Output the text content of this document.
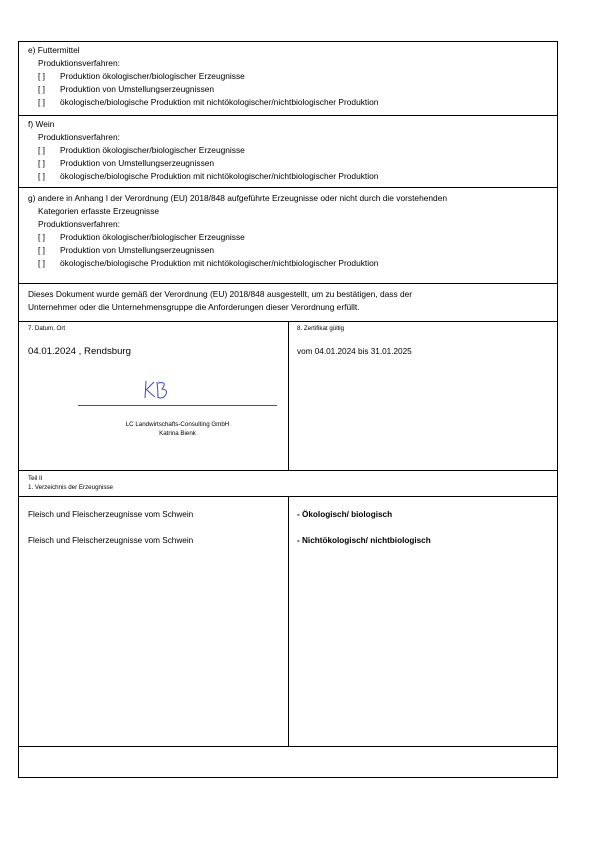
e) Futtermittel
Produktionsverfahren:
[ ]	Produktion ökologischer/biologischer Erzeugnisse
[ ]	Produktion von Umstellungserzeugnissen
[ ]	ökologische/biologische Produktion mit nichtökologischer/nichtbiologischer Produktion
f) Wein
Produktionsverfahren:
[ ]	Produktion ökologischer/biologischer Erzeugnisse
[ ]	Produktion von Umstellungserzeugnissen
[ ]	ökologische/biologische Produktion mit nichtökologischer/nichtbiologischer Produktion
g) andere in Anhang I der Verordnung (EU) 2018/848 aufgeführte Erzeugnisse oder nicht durch die vorstehenden
Kategorien erfasste Erzeugnisse
Produktionsverfahren:
[ ]	Produktion ökologischer/biologischer Erzeugnisse
[ ]	Produktion von Umstellungserzeugnissen
[ ]	ökologische/biologische Produktion mit nichtökologischer/nichtbiologischer Produktion
Dieses Dokument wurde gemäß der Verordnung (EU) 2018/848 ausgestellt, um zu bestätigen, dass der
Unternehmer oder die Unternehmensgruppe die Anforderungen dieser Verordnung erfüllt.
7. Datum, Ort
04.01.2024 , Rendsburg
LC Landwirtschafts-Consulting GmbH
Katrina Bienk
8. Zertifikat gültig
vom 04.01.2024 bis 31.01.2025
Teil II
1. Verzeichnis der Erzeugnisse
Fleisch und Fleischerzeugnisse vom Schwein	- Ökologisch/ biologisch
Fleisch und Fleischerzeugnisse vom Schwein	- Nichtökologisch/ nichtbiologisch
